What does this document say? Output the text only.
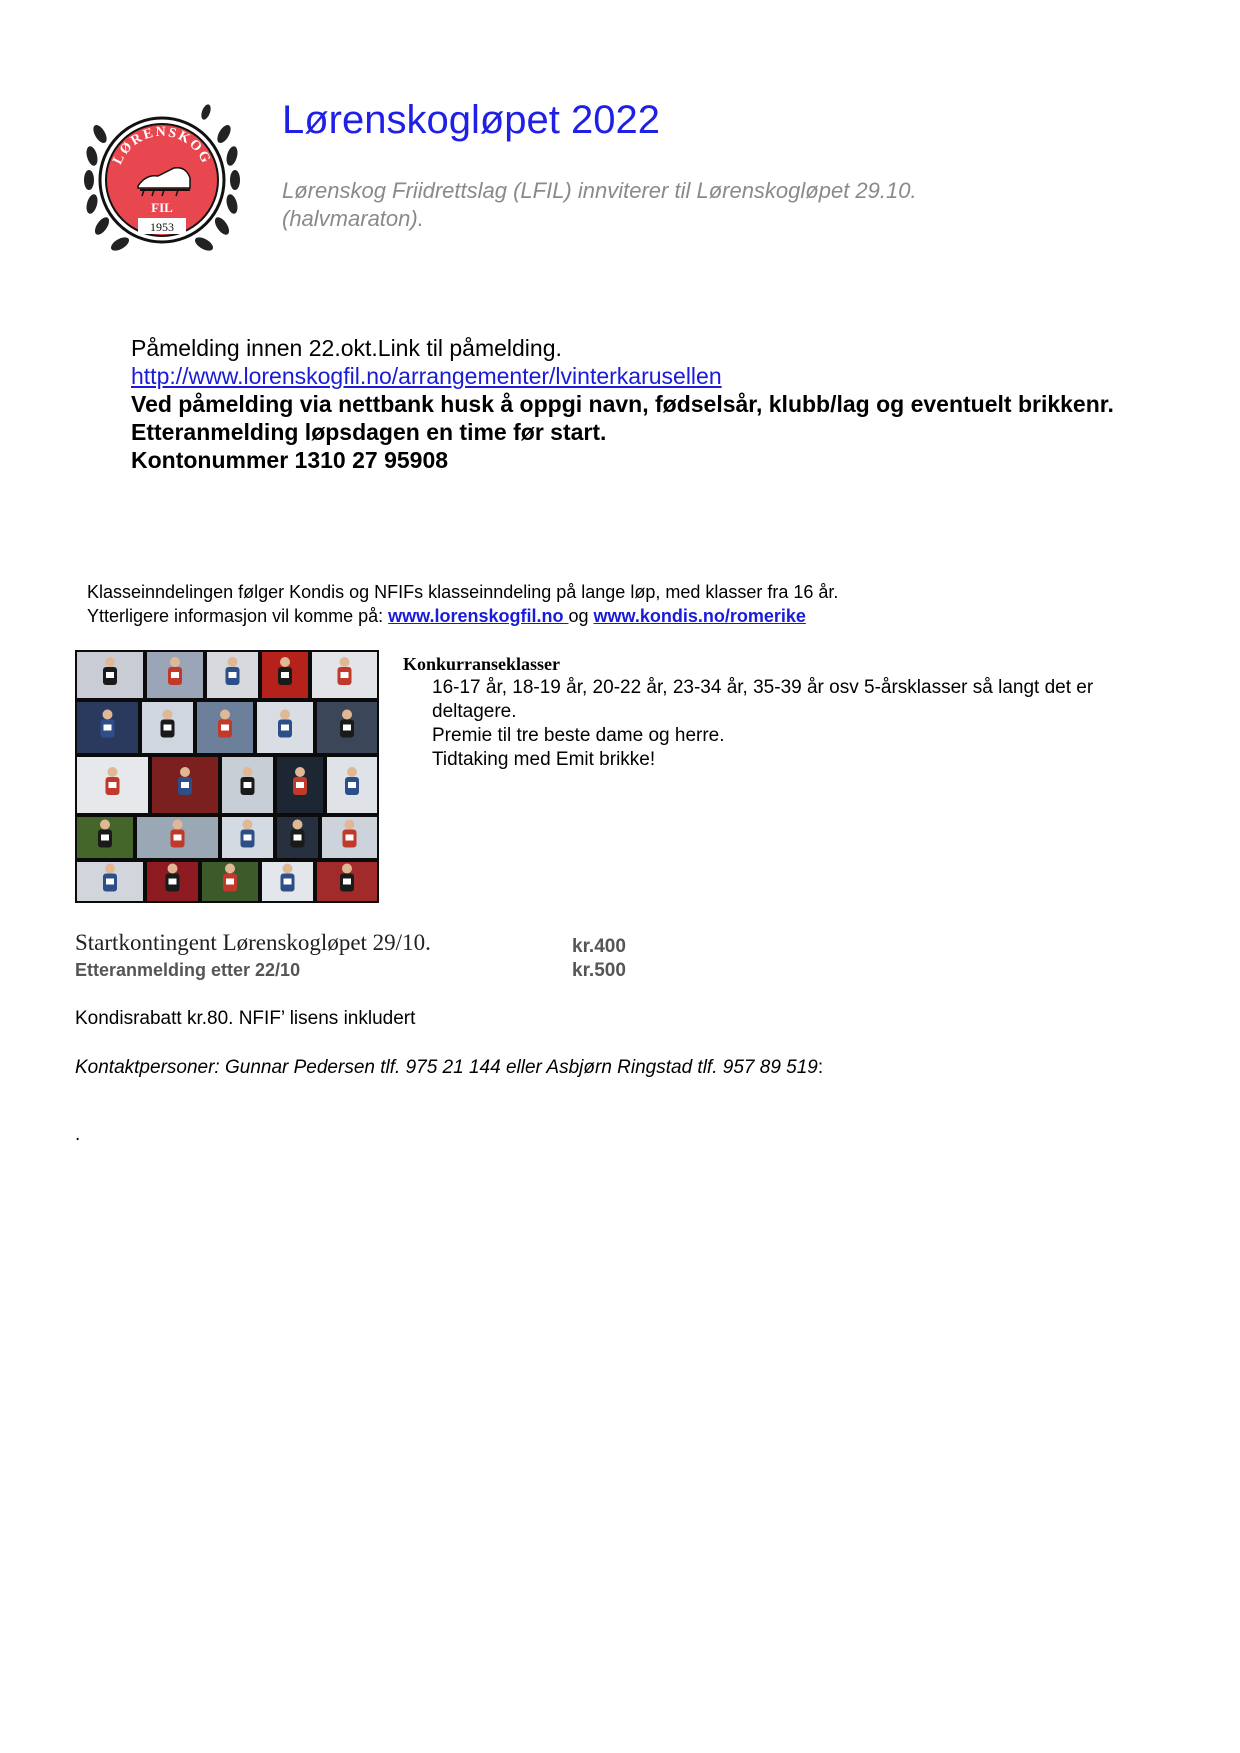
LØRENSKOG
FIL
1953
Lørenskogløpet 2022
Lørenskog Friidrettslag (LFIL) innviterer til Lørenskogløpet 29.10. (halvmaraton).
Påmelding innen 22.okt.Link til påmelding.
http://www.lorenskogfil.no/arrangementer/lvinterkarusellen
Ved påmelding via nettbank husk å oppgi navn, fødselsår, klubb/lag og eventuelt brikkenr.
Etteranmelding løpsdagen en time før start.
Kontonummer 1310 27 95908
Klasseinndelingen følger Kondis og NFIFs klasseinndeling på lange løp, med klasser fra 16 år.
Ytterligere informasjon vil komme på: www.lorenskogfil.no og www.kondis.no/romerike
Konkurranseklasser
16-17 år, 18-19 år, 20-22 år, 23-34 år, 35-39 år osv 5-årsklasser så langt det er deltagere.
Premie til tre beste dame og herre.
Tidtaking med Emit brikke!
Startkontingent Lørenskogløpet 29/10.	kr.400
Etteranmelding etter 22/10	kr.500
Kondisrabatt kr.80. NFIF’ lisens inkludert
Kontaktpersoner: Gunnar Pedersen tlf. 975 21 144 eller Asbjørn Ringstad tlf. 957 89 519:
.
